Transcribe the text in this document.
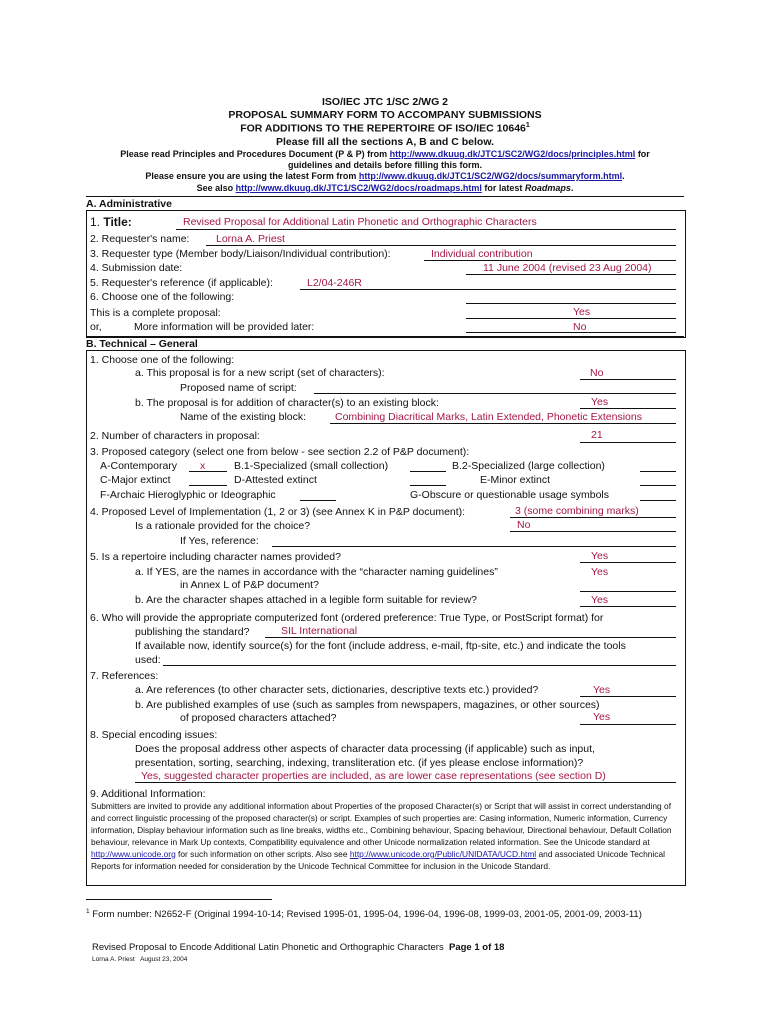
ISO/IEC JTC 1/SC 2/WG 2
PROPOSAL SUMMARY FORM TO ACCOMPANY SUBMISSIONS
FOR ADDITIONS TO THE REPERTOIRE OF ISO/IEC 10646$^1$
Please fill all the sections A, B and C below.
Please read Principles and Procedures Document (P & P) from http://www.dkuug.dk/JTC1/SC2/WG2/docs/principles.html for
guidelines and details before filling this form.
Please ensure you are using the latest Form from http://www.dkuug.dk/JTC1/SC2/WG2/docs/summaryform.html.
See also http://www.dkuug.dk/JTC1/SC2/WG2/docs/roadmaps.html for latest Roadmaps.
A. Administrative
1. Title:	Revised Proposal for Additional Latin Phonetic and Orthographic Characters
2. Requester's name:	Lorna A. Priest
3. Requester type (Member body/Liaison/Individual contribution):	Individual contribution
4. Submission date:	11 June 2004 (revised 23 Aug 2004)
5. Requester's reference (if applicable):	L2/04-246R
6. Choose one of the following:
This is a complete proposal:	Yes
or,	More information will be provided later:	No
B. Technical – General
1. Choose one of the following:
a. This proposal is for a new script (set of characters):	No
Proposed name of script:
b. The proposal is for addition of character(s) to an existing block:	Yes
Name of the existing block:	Combining Diacritical Marks, Latin Extended, Phonetic Extensions
2. Number of characters in proposal:	21
3. Proposed category (select one from below - see section 2.2 of P&P document):
A-Contemporary x	B.1-Specialized (small collection)	B.2-Specialized (large collection)
C-Major extinct	D-Attested extinct	E-Minor extinct
F-Archaic Hieroglyphic or Ideographic	G-Obscure or questionable usage symbols
4. Proposed Level of Implementation (1, 2 or 3) (see Annex K in P&P document):	3 (some combining marks)
Is a rationale provided for the choice?	No
If Yes, reference:
5. Is a repertoire including character names provided?	Yes
a. If YES, are the names in accordance with the “character naming guidelines”	Yes
in Annex L of P&P document?
b. Are the character shapes attached in a legible form suitable for review?	Yes
6. Who will provide the appropriate computerized font (ordered preference: True Type, or PostScript format) for
publishing the standard?	SIL International
If available now, identify source(s) for the font (include address, e-mail, ftp-site, etc.) and indicate the tools
used:
7. References:
a. Are references (to other character sets, dictionaries, descriptive texts etc.) provided?	Yes
b. Are published examples of use (such as samples from newspapers, magazines, or other sources)
of proposed characters attached?	Yes
8. Special encoding issues:
Does the proposal address other aspects of character data processing (if applicable) such as input,
presentation, sorting, searching, indexing, transliteration etc. (if yes please enclose information)?
Yes, suggested character properties are included, as are lower case representations (see section D)
9. Additional Information:
Submitters are invited to provide any additional information about Properties of the proposed Character(s) or Script that will assist in correct understanding of and correct linguistic processing of the proposed character(s) or script. Examples of such properties are: Casing information, Numeric information, Currency information, Display behaviour information such as line breaks, widths etc., Combining behaviour, Spacing behaviour, Directional behaviour, Default Collation behaviour, relevance in Mark Up contexts, Compatibility equivalence and other Unicode normalization related information. See the Unicode standard at http://www.unicode.org for such information on other scripts. Also see http://www.unicode.org/Public/UNIDATA/UCD.html and associated Unicode Technical Reports for information needed for consideration by the Unicode Technical Committee for inclusion in the Unicode Standard.
$^1$ Form number: N2652-F (Original 1994-10-14; Revised 1995-01, 1995-04, 1996-04, 1996-08, 1999-03, 2001-05, 2001-09, 2003-11)
Revised Proposal to Encode Additional Latin Phonetic and Orthographic Characters Page 1 of 18
Lorna A. Priest August 23, 2004
